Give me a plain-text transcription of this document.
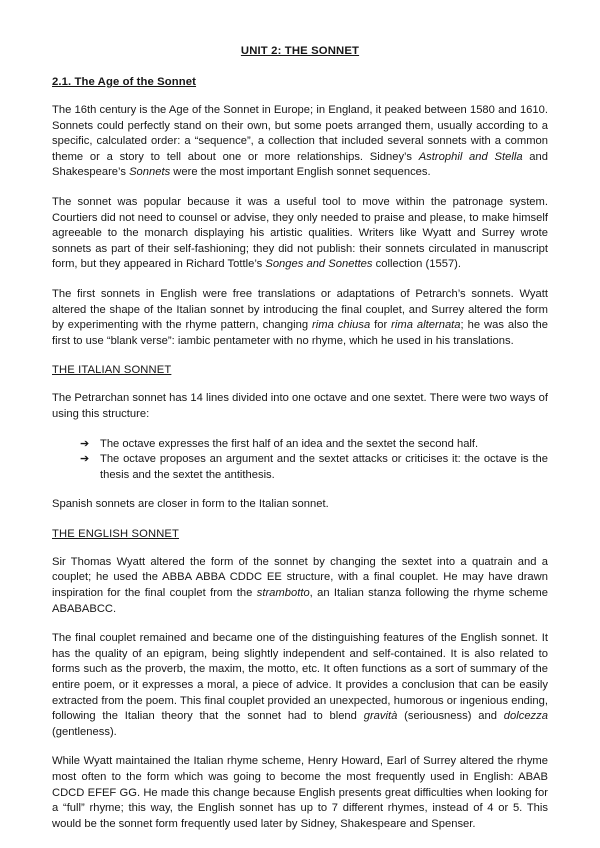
UNIT 2: THE SONNET
2.1. The Age of the Sonnet

The 16th century is the Age of the Sonnet in Europe; in England, it peaked between 1580 and 1610. Sonnets could perfectly stand on their own, but some poets arranged them, usually according to a specific, calculated order: a “sequence”, a collection that included several sonnets with a common theme or a story to tell about one or more relationships. Sidney’s Astrophil and Stella and Shakespeare’s Sonnets were the most important English sonnet sequences.

The sonnet was popular because it was a useful tool to move within the patronage system. Courtiers did not need to counsel or advise, they only needed to praise and please, to make himself agreeable to the monarch displaying his artistic qualities. Writers like Wyatt and Surrey wrote sonnets as part of their self-fashioning; they did not publish: their sonnets circulated in manuscript form, but they appeared in Richard Tottle’s Songes and Sonettes collection (1557).

The first sonnets in English were free translations or adaptations of Petrarch’s sonnets. Wyatt altered the shape of the Italian sonnet by introducing the final couplet, and Surrey altered the form by experimenting with the rhyme pattern, changing rima chiusa for rima alternata; he was also the first to use “blank verse”: iambic pentameter with no rhyme, which he used in his translations.

THE ITALIAN SONNET

The Petrarchan sonnet has 14 lines divided into one octave and one sextet. There were two ways of using this structure:

➔ The octave expresses the first half of an idea and the sextet the second half.
➔ The octave proposes an argument and the sextet attacks or criticises it: the octave is the thesis and the sextet the antithesis.

Spanish sonnets are closer in form to the Italian sonnet.

THE ENGLISH SONNET

Sir Thomas Wyatt altered the form of the sonnet by changing the sextet into a quatrain and a couplet; he used the ABBA ABBA CDDC EE structure, with a final couplet. He may have drawn inspiration for the final couplet from the strambotto, an Italian stanza following the rhyme scheme ABABABCC.

The final couplet remained and became one of the distinguishing features of the English sonnet. It has the quality of an epigram, being slightly independent and self-contained. It is also related to forms such as the proverb, the maxim, the motto, etc. It often functions as a sort of summary of the entire poem, or it expresses a moral, a piece of advice. It provides a conclusion that can be easily extracted from the poem. This final couplet provided an unexpected, humorous or ingenious ending, following the Italian theory that the sonnet had to blend gravità (seriousness) and dolcezza (gentleness).

While Wyatt maintained the Italian rhyme scheme, Henry Howard, Earl of Surrey altered the rhyme most often to the form which was going to become the most frequently used in English: ABAB CDCD EFEF GG. He made this change because English presents great difficulties when looking for a “full” rhyme; this way, the English sonnet has up to 7 different rhymes, instead of 4 or 5. This would be the sonnet form frequently used later by Sidney, Shakespeare and Spenser.
